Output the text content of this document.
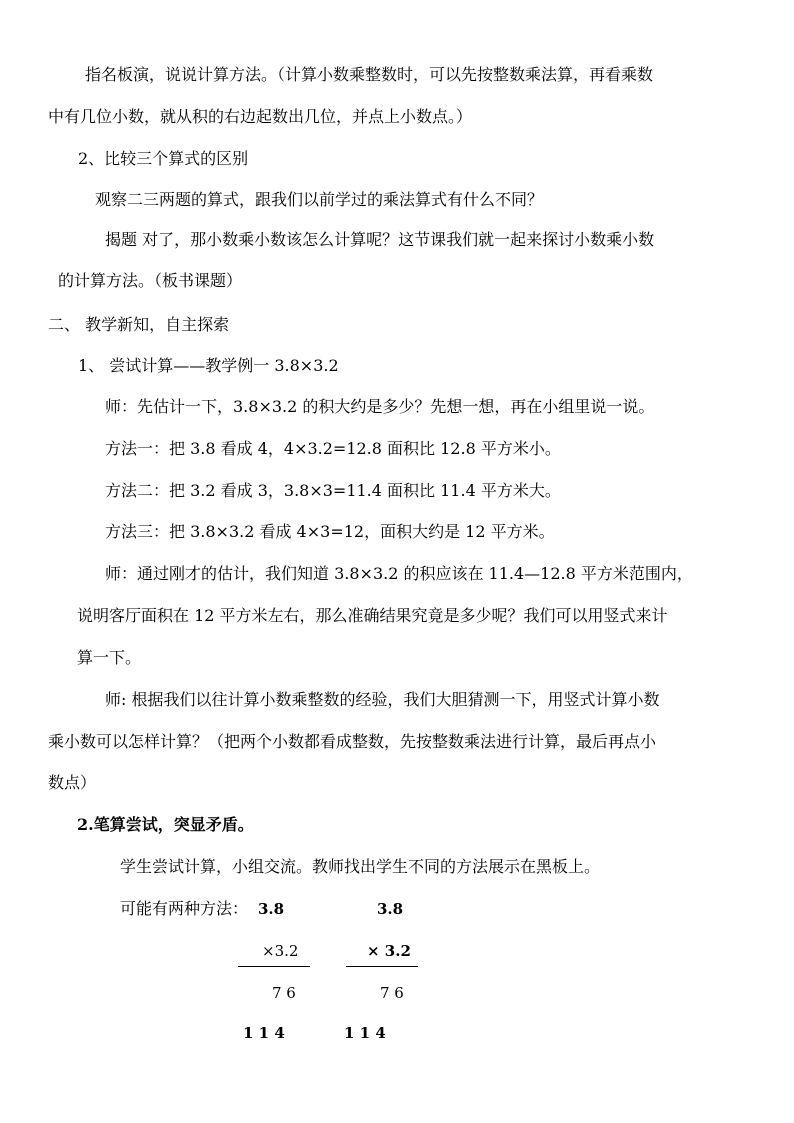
指名板演，说说计算方法。（计算小数乘整数时，可以先按整数乘法算，再看乘数
中有几位小数，就从积的右边起数出几位，并点上小数点。）
2、比较三个算式的区别
观察二三两题的算式，跟我们以前学过的乘法算式有什么不同？
揭题 对了，那小数乘小数该怎么计算呢？这节课我们就一起来探讨小数乘小数
的计算方法。（板书课题）
二、 教学新知，自主探索
1、 尝试计算——教学例一 3.8×3.2
师：先估计一下，3.8×3.2 的积大约是多少？先想一想，再在小组里说一说。
方法一：把 3.8 看成 4，4×3.2=12.8 面积比 12.8 平方米小。
方法二：把 3.2 看成 3，3.8×3=11.4 面积比 11.4 平方米大。
方法三：把 3.8×3.2 看成 4×3=12，面积大约是 12 平方米。
师：通过刚才的估计，我们知道 3.8×3.2 的积应该在 11.4—12.8 平方米范围内，
说明客厅面积在 12 平方米左右，那么准确结果究竟是多少呢？我们可以用竖式来计
算一下。
师: 根据我们以往计算小数乘整数的经验，我们大胆猜测一下，用竖式计算小数
乘小数可以怎样计算？（把两个小数都看成整数，先按整数乘法进行计算，最后再点小
数点）
2.笔算尝试，突显矛盾。
学生尝试计算，小组交流。教师找出学生不同的方法展示在黑板上。
可能有两种方法： 3.8
×3.2
7 6
1 1 4
3.8
× 3.2
7 6
1 1 4
